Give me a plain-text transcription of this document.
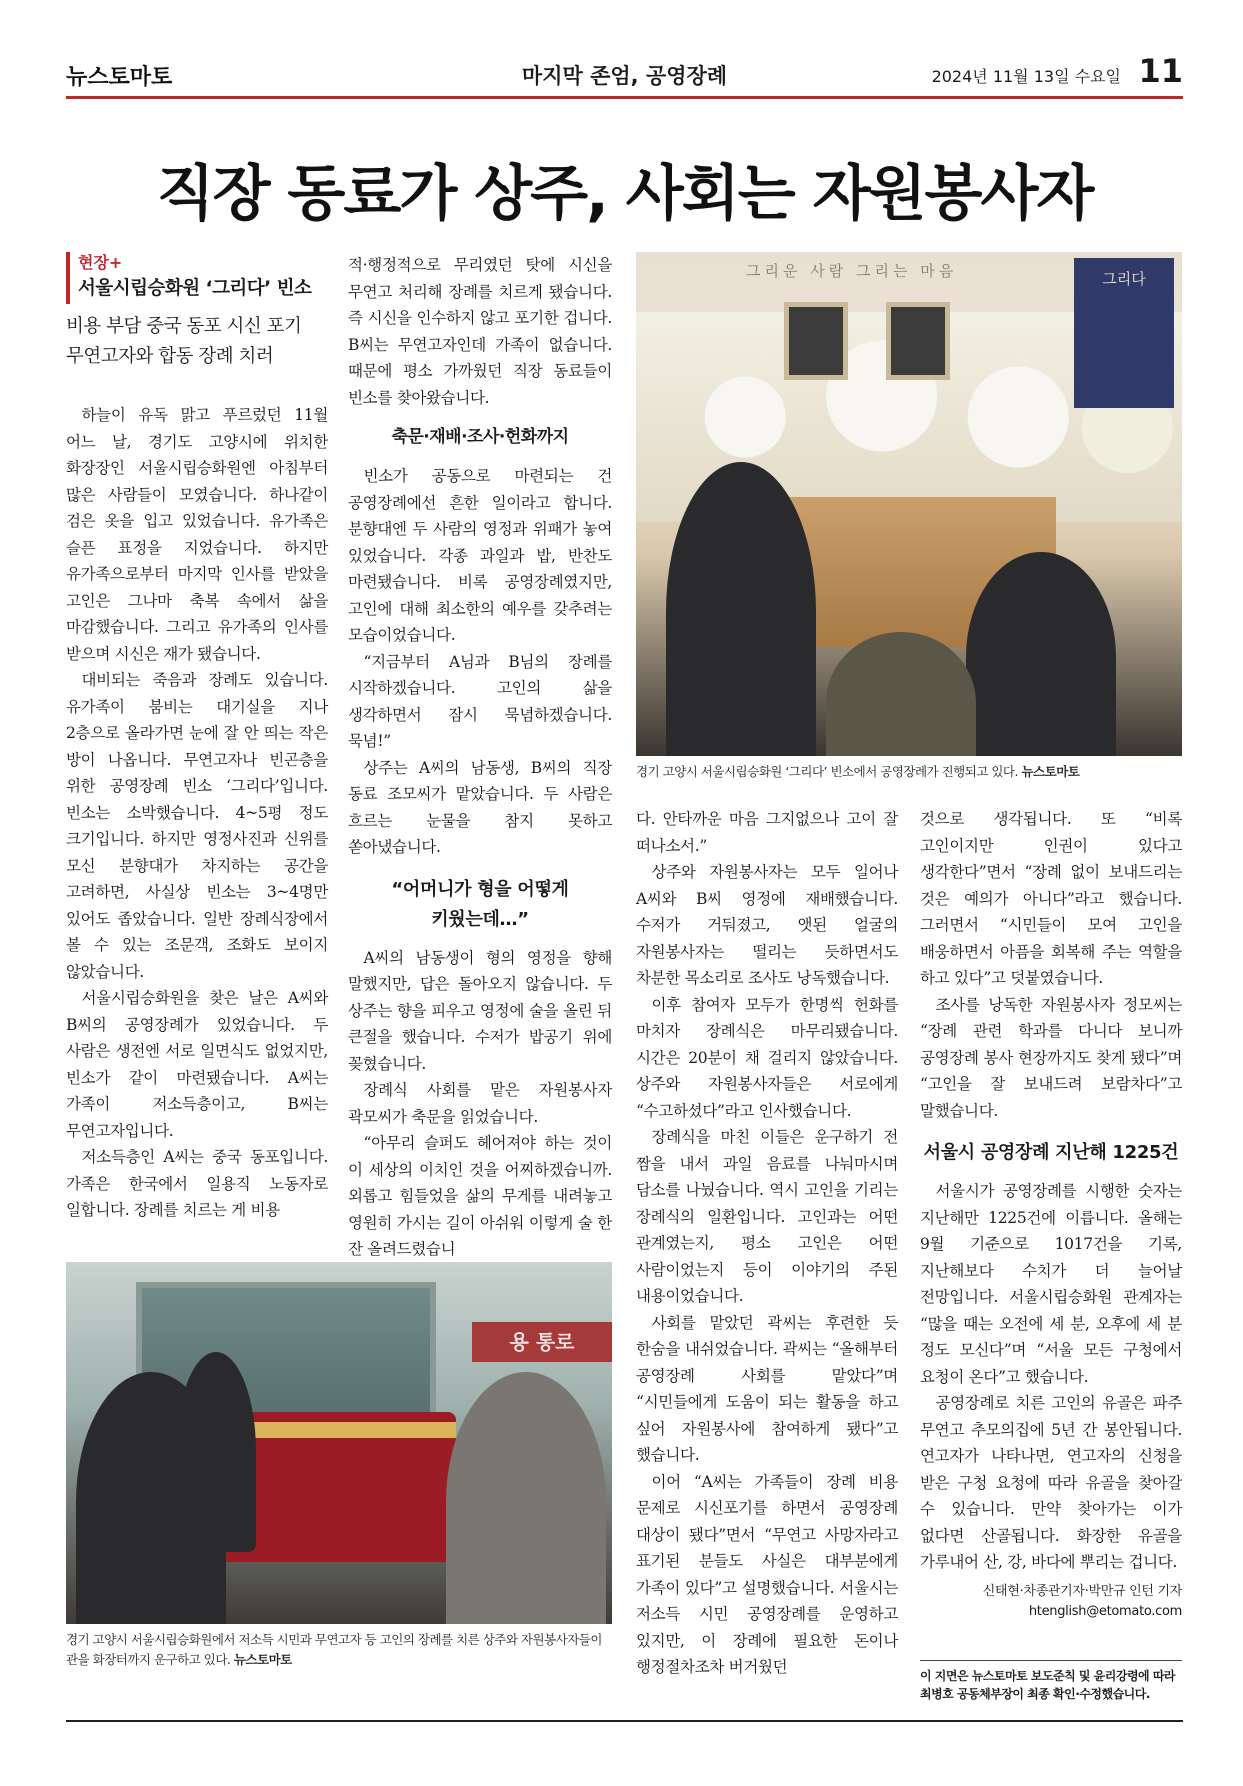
뉴스토마토	마지막 존엄, 공영장례	2024년 11월 13일 수요일 11
직장 동료가 상주, 사회는 자원봉사자
현장+
서울시립승화원 ‘그리다’ 빈소
비용 부담 중국 동포 시신 포기
무연고자와 합동 장례 치러

하늘이 유독 맑고 푸르렀던 11월 어느 날, 경기도 고양시에 위치한 화장장인 서울시립승화원엔 아침부터 많은 사람들이 모였습니다. 하나같이 검은 옷을 입고 있었습니다. 유가족은 슬픈 표정을 지었습니다. 하지만 유가족으로부터 마지막 인사를 받았을 고인은 그나마 축복 속에서 삶을 마감했습니다. 그리고 유가족의 인사를 받으며 시신은 재가 됐습니다.

대비되는 죽음과 장례도 있습니다. 유가족이 붐비는 대기실을 지나 2층으로 올라가면 눈에 잘 안 띄는 작은 방이 나옵니다. 무연고자나 빈곤층을 위한 공영장례 빈소 ‘그리다’입니다. 빈소는 소박했습니다. 4~5평 정도 크기입니다. 하지만 영정사진과 신위를 모신 분향대가 차지하는 공간을 고려하면, 사실상 빈소는 3~4명만 있어도 좁았습니다. 일반 장례식장에서 볼 수 있는 조문객, 조화도 보이지 않았습니다.

서울시립승화원을 찾은 날은 A씨와 B씨의 공영장례가 있었습니다. 두 사람은 생전엔 서로 일면식도 없었지만, 빈소가 같이 마련됐습니다. A씨는 가족이 저소득층이고, B씨는 무연고자입니다.

저소득층인 A씨는 중국 동포입니다. 가족은 한국에서 일용직 노동자로 일합니다. 장례를 치르는 게 비용

적·행정적으로 무리였던 탓에 시신을 무연고 처리해 장례를 치르게 됐습니다. 즉 시신을 인수하지 않고 포기한 겁니다. B씨는 무연고자인데 가족이 없습니다. 때문에 평소 가까웠던 직장 동료들이 빈소를 찾아왔습니다.

축문·재배·조사·헌화까지

빈소가 공동으로 마련되는 건 공영장례에선 흔한 일이라고 합니다. 분향대엔 두 사람의 영정과 위패가 놓여 있었습니다. 각종 과일과 밥, 반찬도 마련됐습니다. 비록 공영장례였지만, 고인에 대해 최소한의 예우를 갖추려는 모습이었습니다.

“지금부터 A님과 B님의 장례를 시작하겠습니다. 고인의 삶을 생각하면서 잠시 묵념하겠습니다. 묵념!”

상주는 A씨의 남동생, B씨의 직장 동료 조모씨가 맡았습니다. 두 사람은 흐르는 눈물을 참지 못하고 쏟아냈습니다.

“어머니가 형을 어떻게 키웠는데…”

A씨의 남동생이 형의 영정을 향해 말했지만, 답은 돌아오지 않습니다. 두 상주는 향을 피우고 영정에 술을 올린 뒤 큰절을 했습니다. 수저가 밥공기 위에 꽂혔습니다.

장례식 사회를 맡은 자원봉사자 곽모씨가 축문을 읽었습니다.

“아무리 슬퍼도 헤어져야 하는 것이 이 세상의 이치인 것을 어찌하겠습니까. 외롭고 힘들었을 삶의 무게를 내려놓고 영원히 가시는 길이 아쉬워 이렇게 술 한 잔 올려드렸습니

그리운 사람 그리는 마음	그리다
경기 고양시 서울시립승화원 ‘그리다’ 빈소에서 공영장례가 진행되고 있다. 뉴스토마토
용 통로
경기 고양시 서울시립승화원에서 저소득 시민과 무연고자 등 고인의 장례를 치른 상주와 자원봉사자들이 관을 화장터까지 운구하고 있다. 뉴스토마토

다. 안타까운 마음 그지없으나 고이 잘 떠나소서.”

상주와 자원봉사자는 모두 일어나 A씨와 B씨 영정에 재배했습니다. 수저가 거둬졌고, 앳된 얼굴의 자원봉사자는 떨리는 듯하면서도 차분한 목소리로 조사도 낭독했습니다.

이후 참여자 모두가 한명씩 헌화를 마치자 장례식은 마무리됐습니다. 시간은 20분이 채 걸리지 않았습니다. 상주와 자원봉사자들은 서로에게 “수고하셨다”라고 인사했습니다.

장례식을 마친 이들은 운구하기 전 짬을 내서 과일 음료를 나눠마시며 담소를 나눴습니다. 역시 고인을 기리는 장례식의 일환입니다. 고인과는 어떤 관계였는지, 평소 고인은 어떤 사람이었는지 등이 이야기의 주된 내용이었습니다.

사회를 맡았던 곽씨는 후련한 듯 한숨을 내쉬었습니다. 곽씨는 “올해부터 공영장례 사회를 맡았다”며 “시민들에게 도움이 되는 활동을 하고 싶어 자원봉사에 참여하게 됐다”고 했습니다.

이어 “A씨는 가족들이 장례 비용 문제로 시신포기를 하면서 공영장례 대상이 됐다”면서 “무연고 사망자라고 표기된 분들도 사실은 대부분에게 가족이 있다”고 설명했습니다. 서울시는 저소득 시민 공영장례를 운영하고 있지만, 이 장례에 필요한 돈이나 행정절차조차 버거웠던

것으로 생각됩니다. 또 “비록 고인이지만 인권이 있다고 생각한다”면서 “장례 없이 보내드리는 것은 예의가 아니다”라고 했습니다. 그러면서 “시민들이 모여 고인을 배웅하면서 아픔을 회복해 주는 역할을 하고 있다”고 덧붙였습니다.

조사를 낭독한 자원봉사자 정모씨는 “장례 관련 학과를 다니다 보니까 공영장례 봉사 현장까지도 찾게 됐다”며 “고인을 잘 보내드려 보람차다”고 말했습니다.

서울시 공영장례 지난해 1225건

서울시가 공영장례를 시행한 숫자는 지난해만 1225건에 이릅니다. 올해는 9월 기준으로 1017건을 기록, 지난해보다 수치가 더 늘어날 전망입니다. 서울시립승화원 관계자는 “많을 때는 오전에 세 분, 오후에 세 분 정도 모신다”며 “서울 모든 구청에서 요청이 온다”고 했습니다.

공영장례로 치른 고인의 유골은 파주 무연고 추모의집에 5년 간 봉안됩니다. 연고자가 나타나면, 연고자의 신청을 받은 구청 요청에 따라 유골을 찾아갈 수 있습니다. 만약 찾아가는 이가 없다면 산골됩니다. 화장한 유골을 가루내어 산, 강, 바다에 뿌리는 겁니다.

신태현·차종관기자·박만규 인턴 기자
htenglish@etomato.com
이 지면은 뉴스토마토 보도준칙 및 윤리강령에 따라 최병호 공동체부장이 최종 확인·수정했습니다.
